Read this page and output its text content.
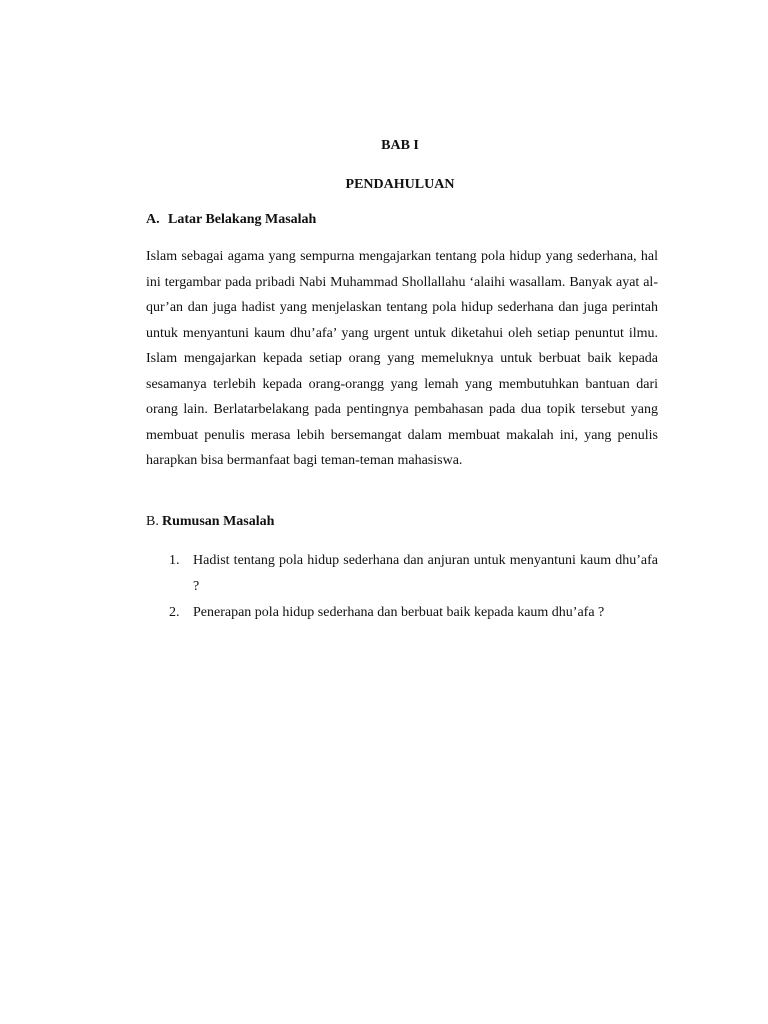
BAB I
PENDAHULUAN
A. Latar Belakang Masalah

Islam sebagai agama yang sempurna mengajarkan tentang pola hidup yang sederhana, hal ini tergambar pada pribadi Nabi Muhammad Shollallahu ‘alaihi wasallam. Banyak ayat al-qur’an dan juga hadist yang menjelaskan tentang pola hidup sederhana dan juga perintah untuk menyantuni kaum dhu’afa’ yang urgent untuk diketahui oleh setiap penuntut ilmu. Islam mengajarkan kepada setiap orang yang memeluknya untuk berbuat baik kepada sesamanya terlebih kepada orang-orangg yang lemah yang membutuhkan bantuan dari orang lain. Berlatarbelakang pada pentingnya pembahasan pada dua topik tersebut yang membuat penulis merasa lebih bersemangat dalam membuat makalah ini, yang penulis harapkan bisa bermanfaat bagi teman-teman mahasiswa.

B. Rumusan Masalah
1. Hadist tentang pola hidup sederhana dan anjuran untuk menyantuni kaum dhu’afa ?
2. Penerapan pola hidup sederhana dan berbuat baik kepada kaum dhu’afa ?
